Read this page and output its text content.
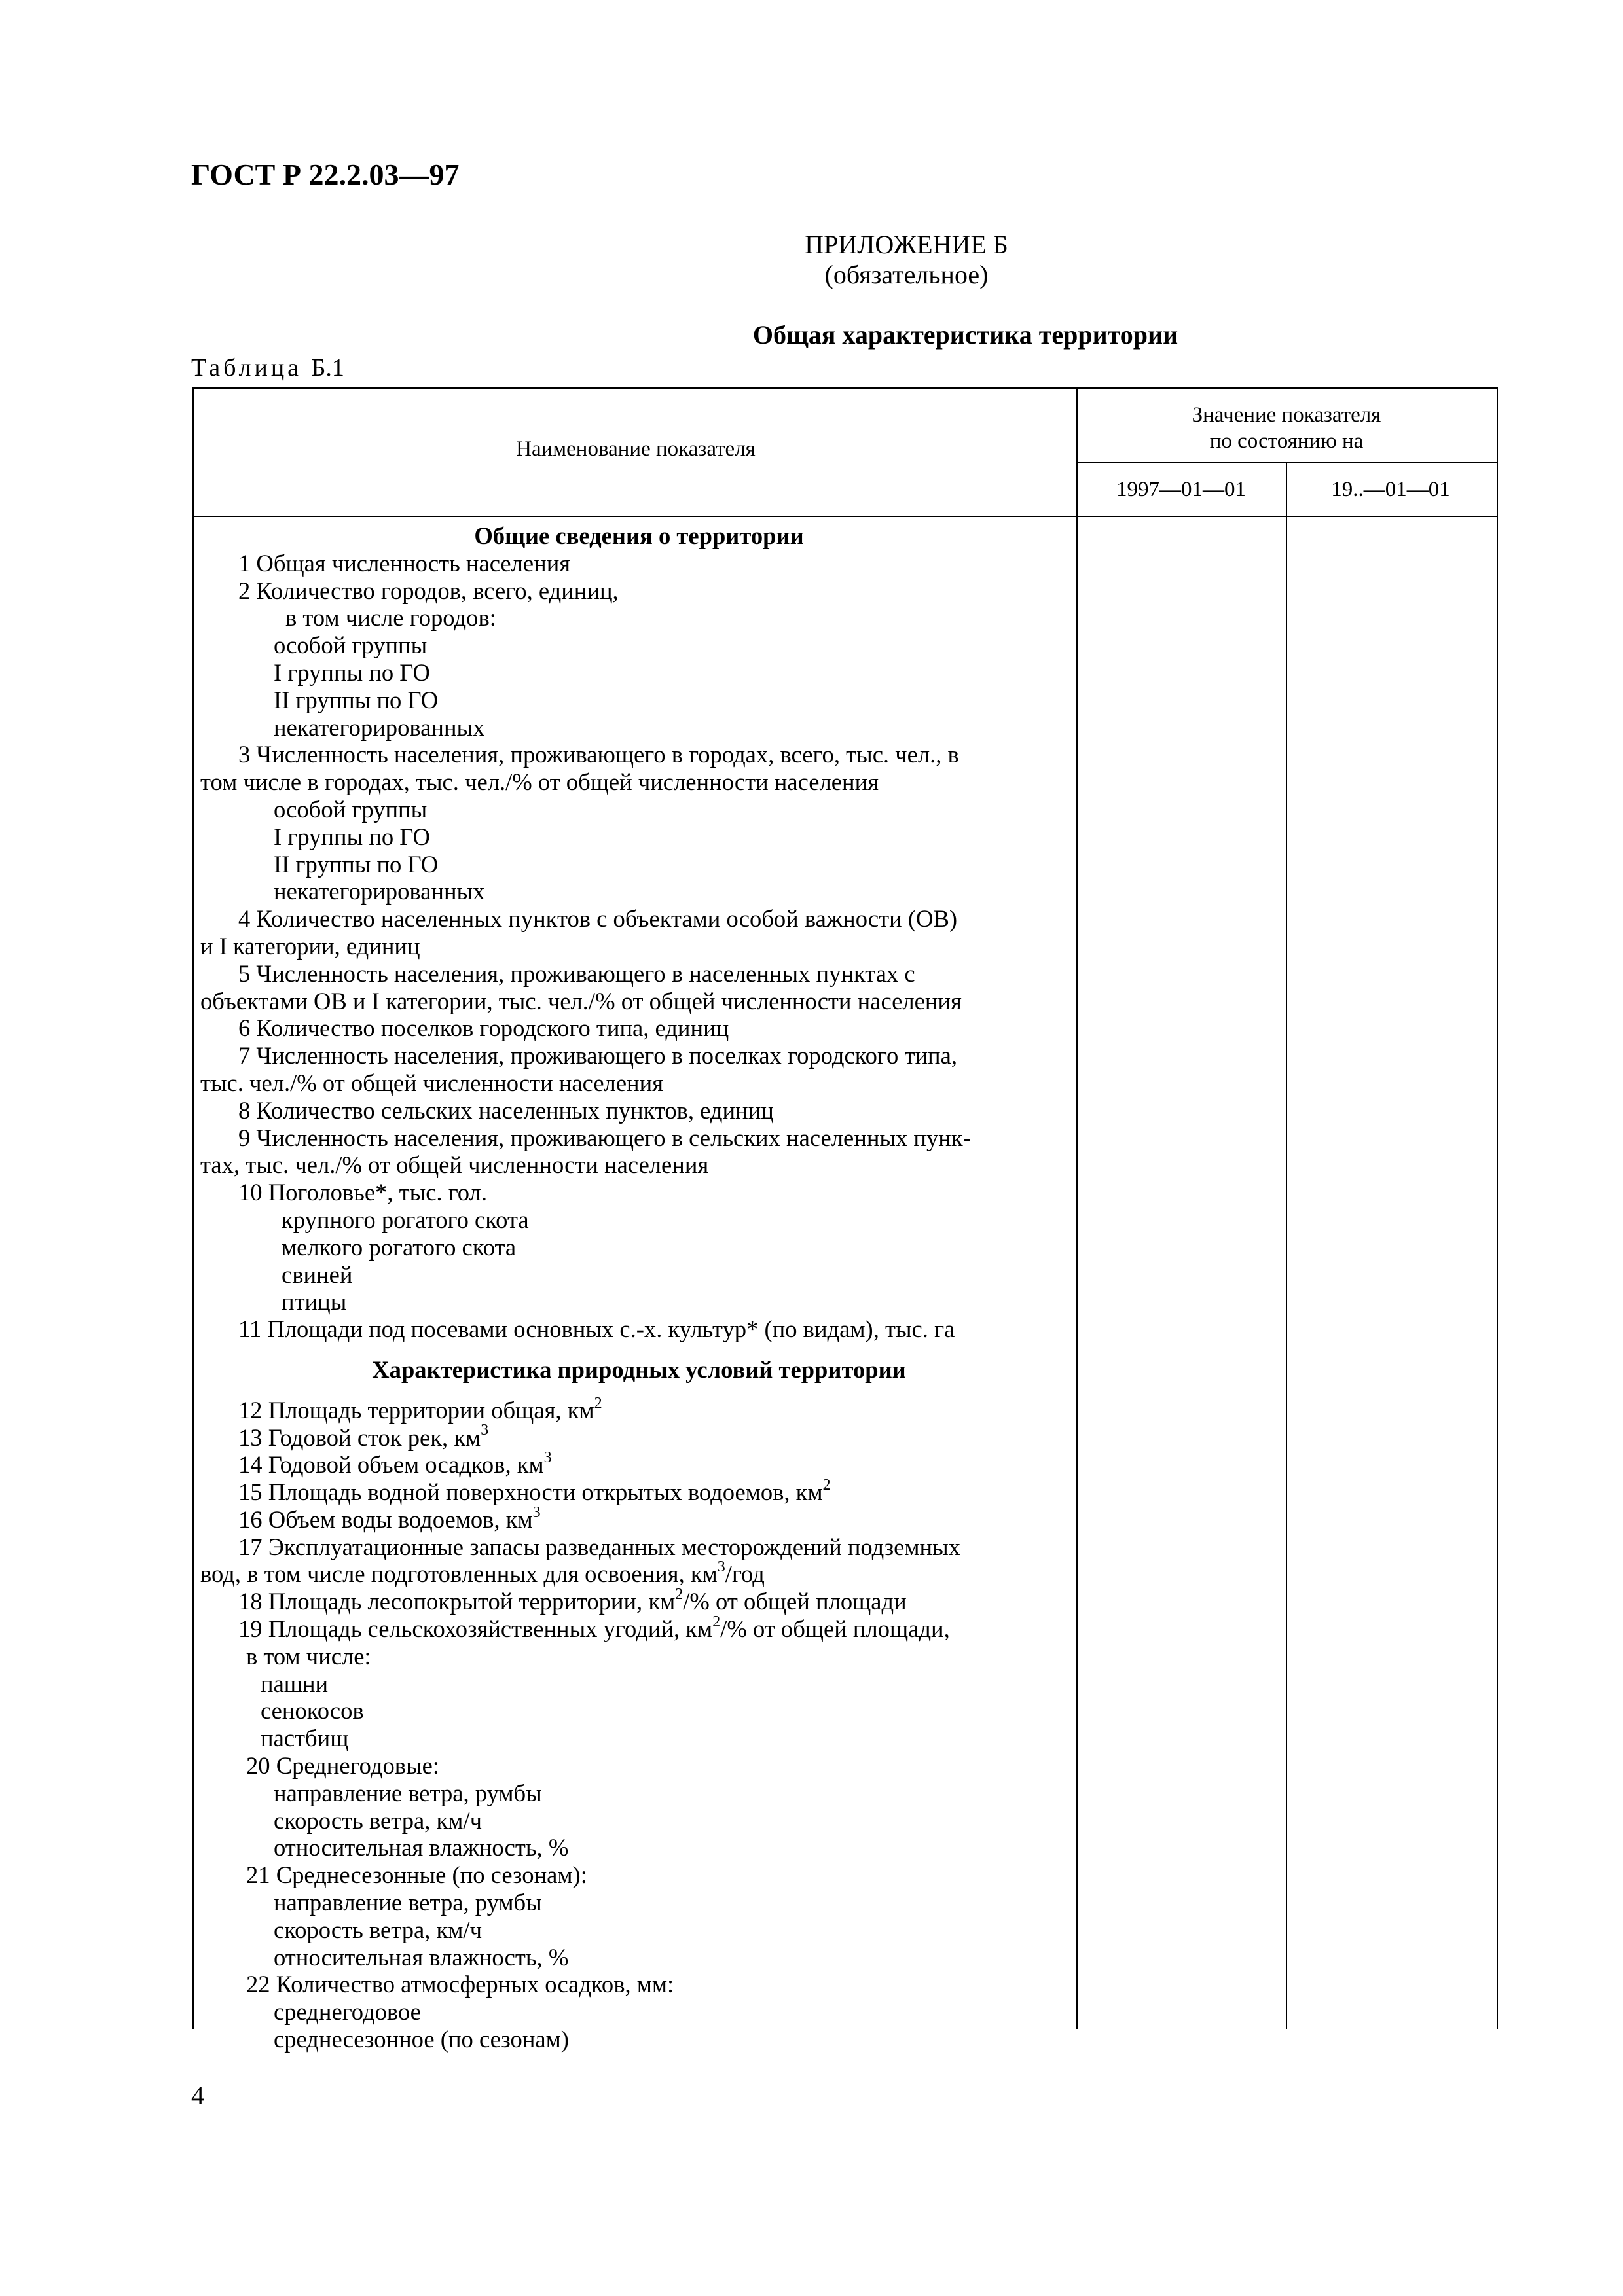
ГОСТ Р 22.2.03—97
ПРИЛОЖЕНИЕ Б
(обязательное)
Общая характеристика территории
Таблица Б.1
Наименование показателя
Значение показателя
по состоянию на
1997—01—01	19..—01—01
Общие сведения о территории
1 Общая численность населения
2 Количество городов, всего, единиц,
в том числе городов:
особой группы
I группы по ГО
II группы по ГО
некатегорированных
3 Численность населения, проживающего в городах, всего, тыс. чел., в
том числе в городах, тыс. чел./% от общей численности населения
особой группы
I группы по ГО
II группы по ГО
некатегорированных
4 Количество населенных пунктов с объектами особой важности (ОВ)
и I категории, единиц
5 Численность населения, проживающего в населенных пунктах с
объектами ОВ и I категории, тыс. чел./% от общей численности населения
6 Количество поселков городского типа, единиц
7 Численность населения, проживающего в поселках городского типа,
тыс. чел./% от общей численности населения
8 Количество сельских населенных пунктов, единиц
9 Численность населения, проживающего в сельских населенных пунк-
тах, тыс. чел./% от общей численности населения
10 Поголовье*, тыс. гол.
крупного рогатого скота
мелкого рогатого скота
свиней
птицы
11 Площади под посевами основных с.-х. культур* (по видам), тыс. га
Характеристика природных условий территории
12 Площадь территории общая, $км^2$
13 Годовой сток рек, $км^3$
14 Годовой объем осадков, $км^3$
15 Площадь водной поверхности открытых водоемов, $км^2$
16 Объем воды водоемов, $км^3$
17 Эксплуатационные запасы разведанных месторождений подземных
вод, в том числе подготовленных для освоения, $км^3$/год
18 Площадь лесопокрытой территории, $км^2/\%$ от общей площади
19 Площадь сельскохозяйственных угодий, $км^2/\%$ от общей площади,
в том числе:
пашни
сенокосов
пастбищ
20 Среднегодовые:
направление ветра, румбы
скорость ветра, км/ч
относительная влажность, %
21 Среднесезонные (по сезонам):
направление ветра, румбы
скорость ветра, км/ч
относительная влажность, %
22 Количество атмосферных осадков, мм:
среднегодовое
среднесезонное (по сезонам)
4
